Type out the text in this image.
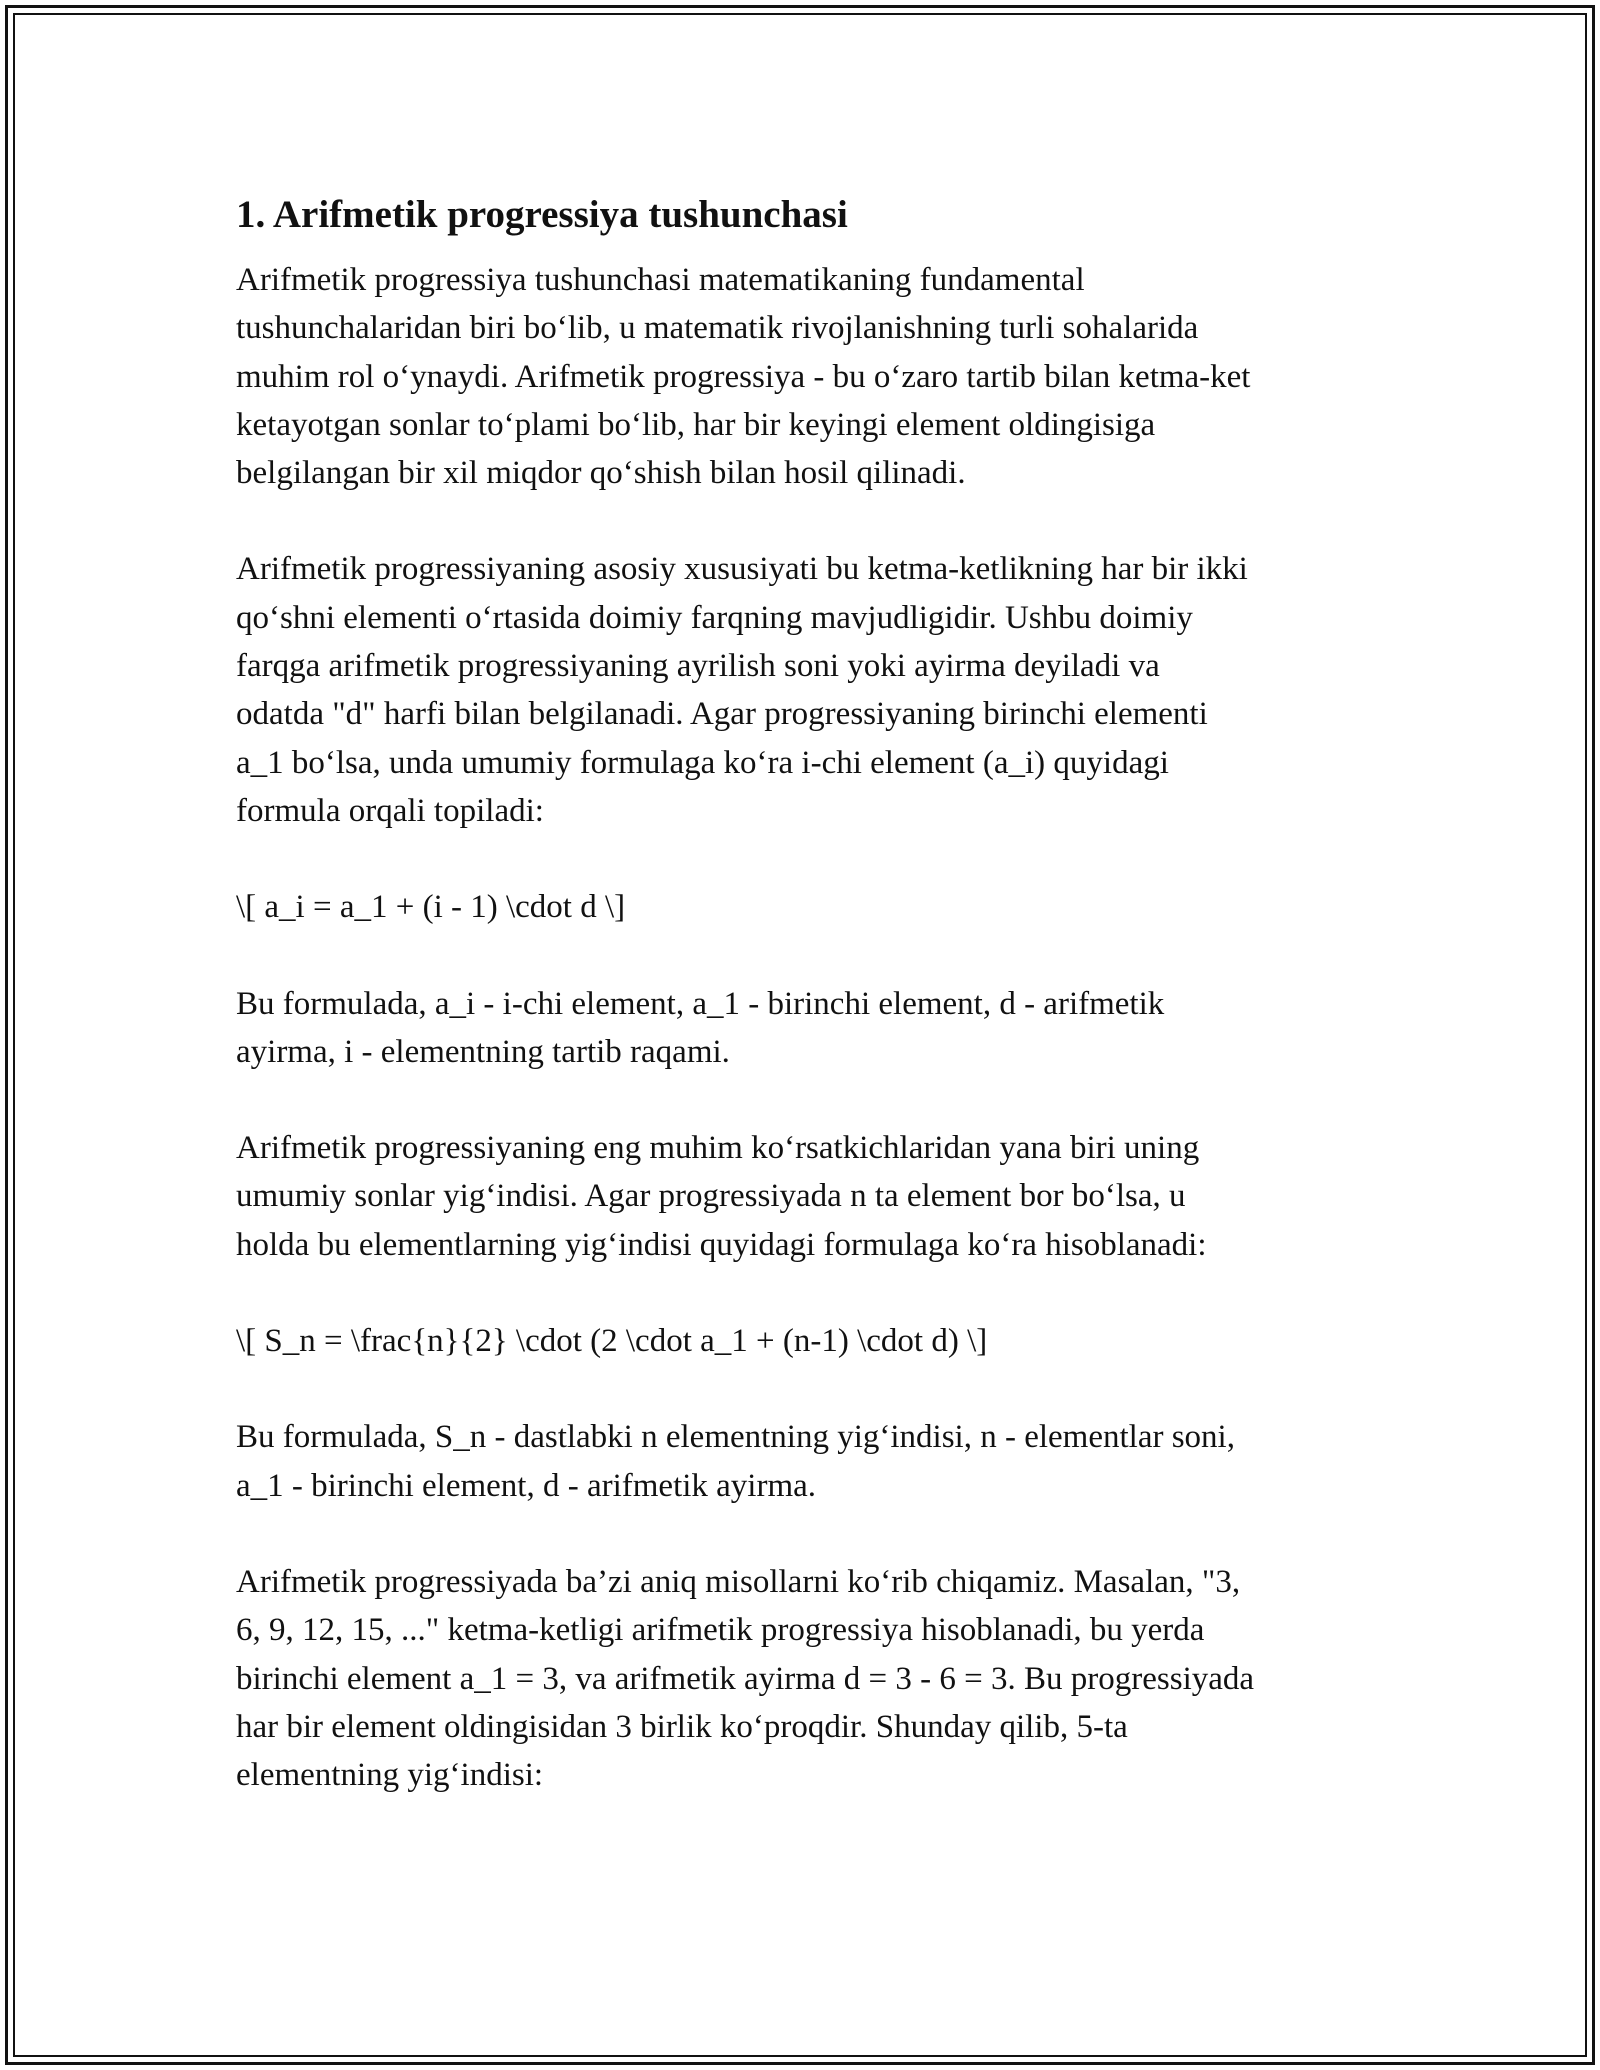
1. Arifmetik progressiya tushunchasi
Arifmetik progressiya tushunchasi matematikaning fundamental
tushunchalaridan biri bo‘lib, u matematik rivojlanishning turli sohalarida
muhim rol o‘ynaydi. Arifmetik progressiya - bu o‘zaro tartib bilan ketma-ket
ketayotgan sonlar to‘plami bo‘lib, har bir keyingi element oldingisiga
belgilangan bir xil miqdor qo‘shish bilan hosil qilinadi.
Arifmetik progressiyaning asosiy xususiyati bu ketma-ketlikning har bir ikki
qo‘shni elementi o‘rtasida doimiy farqning mavjudligidir. Ushbu doimiy
farqga arifmetik progressiyaning ayrilish soni yoki ayirma deyiladi va
odatda "d" harfi bilan belgilanadi. Agar progressiyaning birinchi elementi
a_1 bo‘lsa, unda umumiy formulaga ko‘ra i-chi element (a_i) quyidagi
formula orqali topiladi:
\[ a_i = a_1 + (i - 1) \cdot d \]
Bu formulada, a_i - i-chi element, a_1 - birinchi element, d - arifmetik
ayirma, i - elementning tartib raqami.
Arifmetik progressiyaning eng muhim ko‘rsatkichlaridan yana biri uning
umumiy sonlar yig‘indisi. Agar progressiyada n ta element bor bo‘lsa, u
holda bu elementlarning yig‘indisi quyidagi formulaga ko‘ra hisoblanadi:
\[ S_n = \frac{n}{2} \cdot (2 \cdot a_1 + (n-1) \cdot d) \]
Bu formulada, S_n - dastlabki n elementning yig‘indisi, n - elementlar soni,
a_1 - birinchi element, d - arifmetik ayirma.
Arifmetik progressiyada ba’zi aniq misollarni ko‘rib chiqamiz. Masalan, "3,
6, 9, 12, 15, ..." ketma-ketligi arifmetik progressiya hisoblanadi, bu yerda
birinchi element a_1 = 3, va arifmetik ayirma d = 3 - 6 = 3. Bu progressiyada
har bir element oldingisidan 3 birlik ko‘proqdir. Shunday qilib, 5-ta
elementning yig‘indisi:
